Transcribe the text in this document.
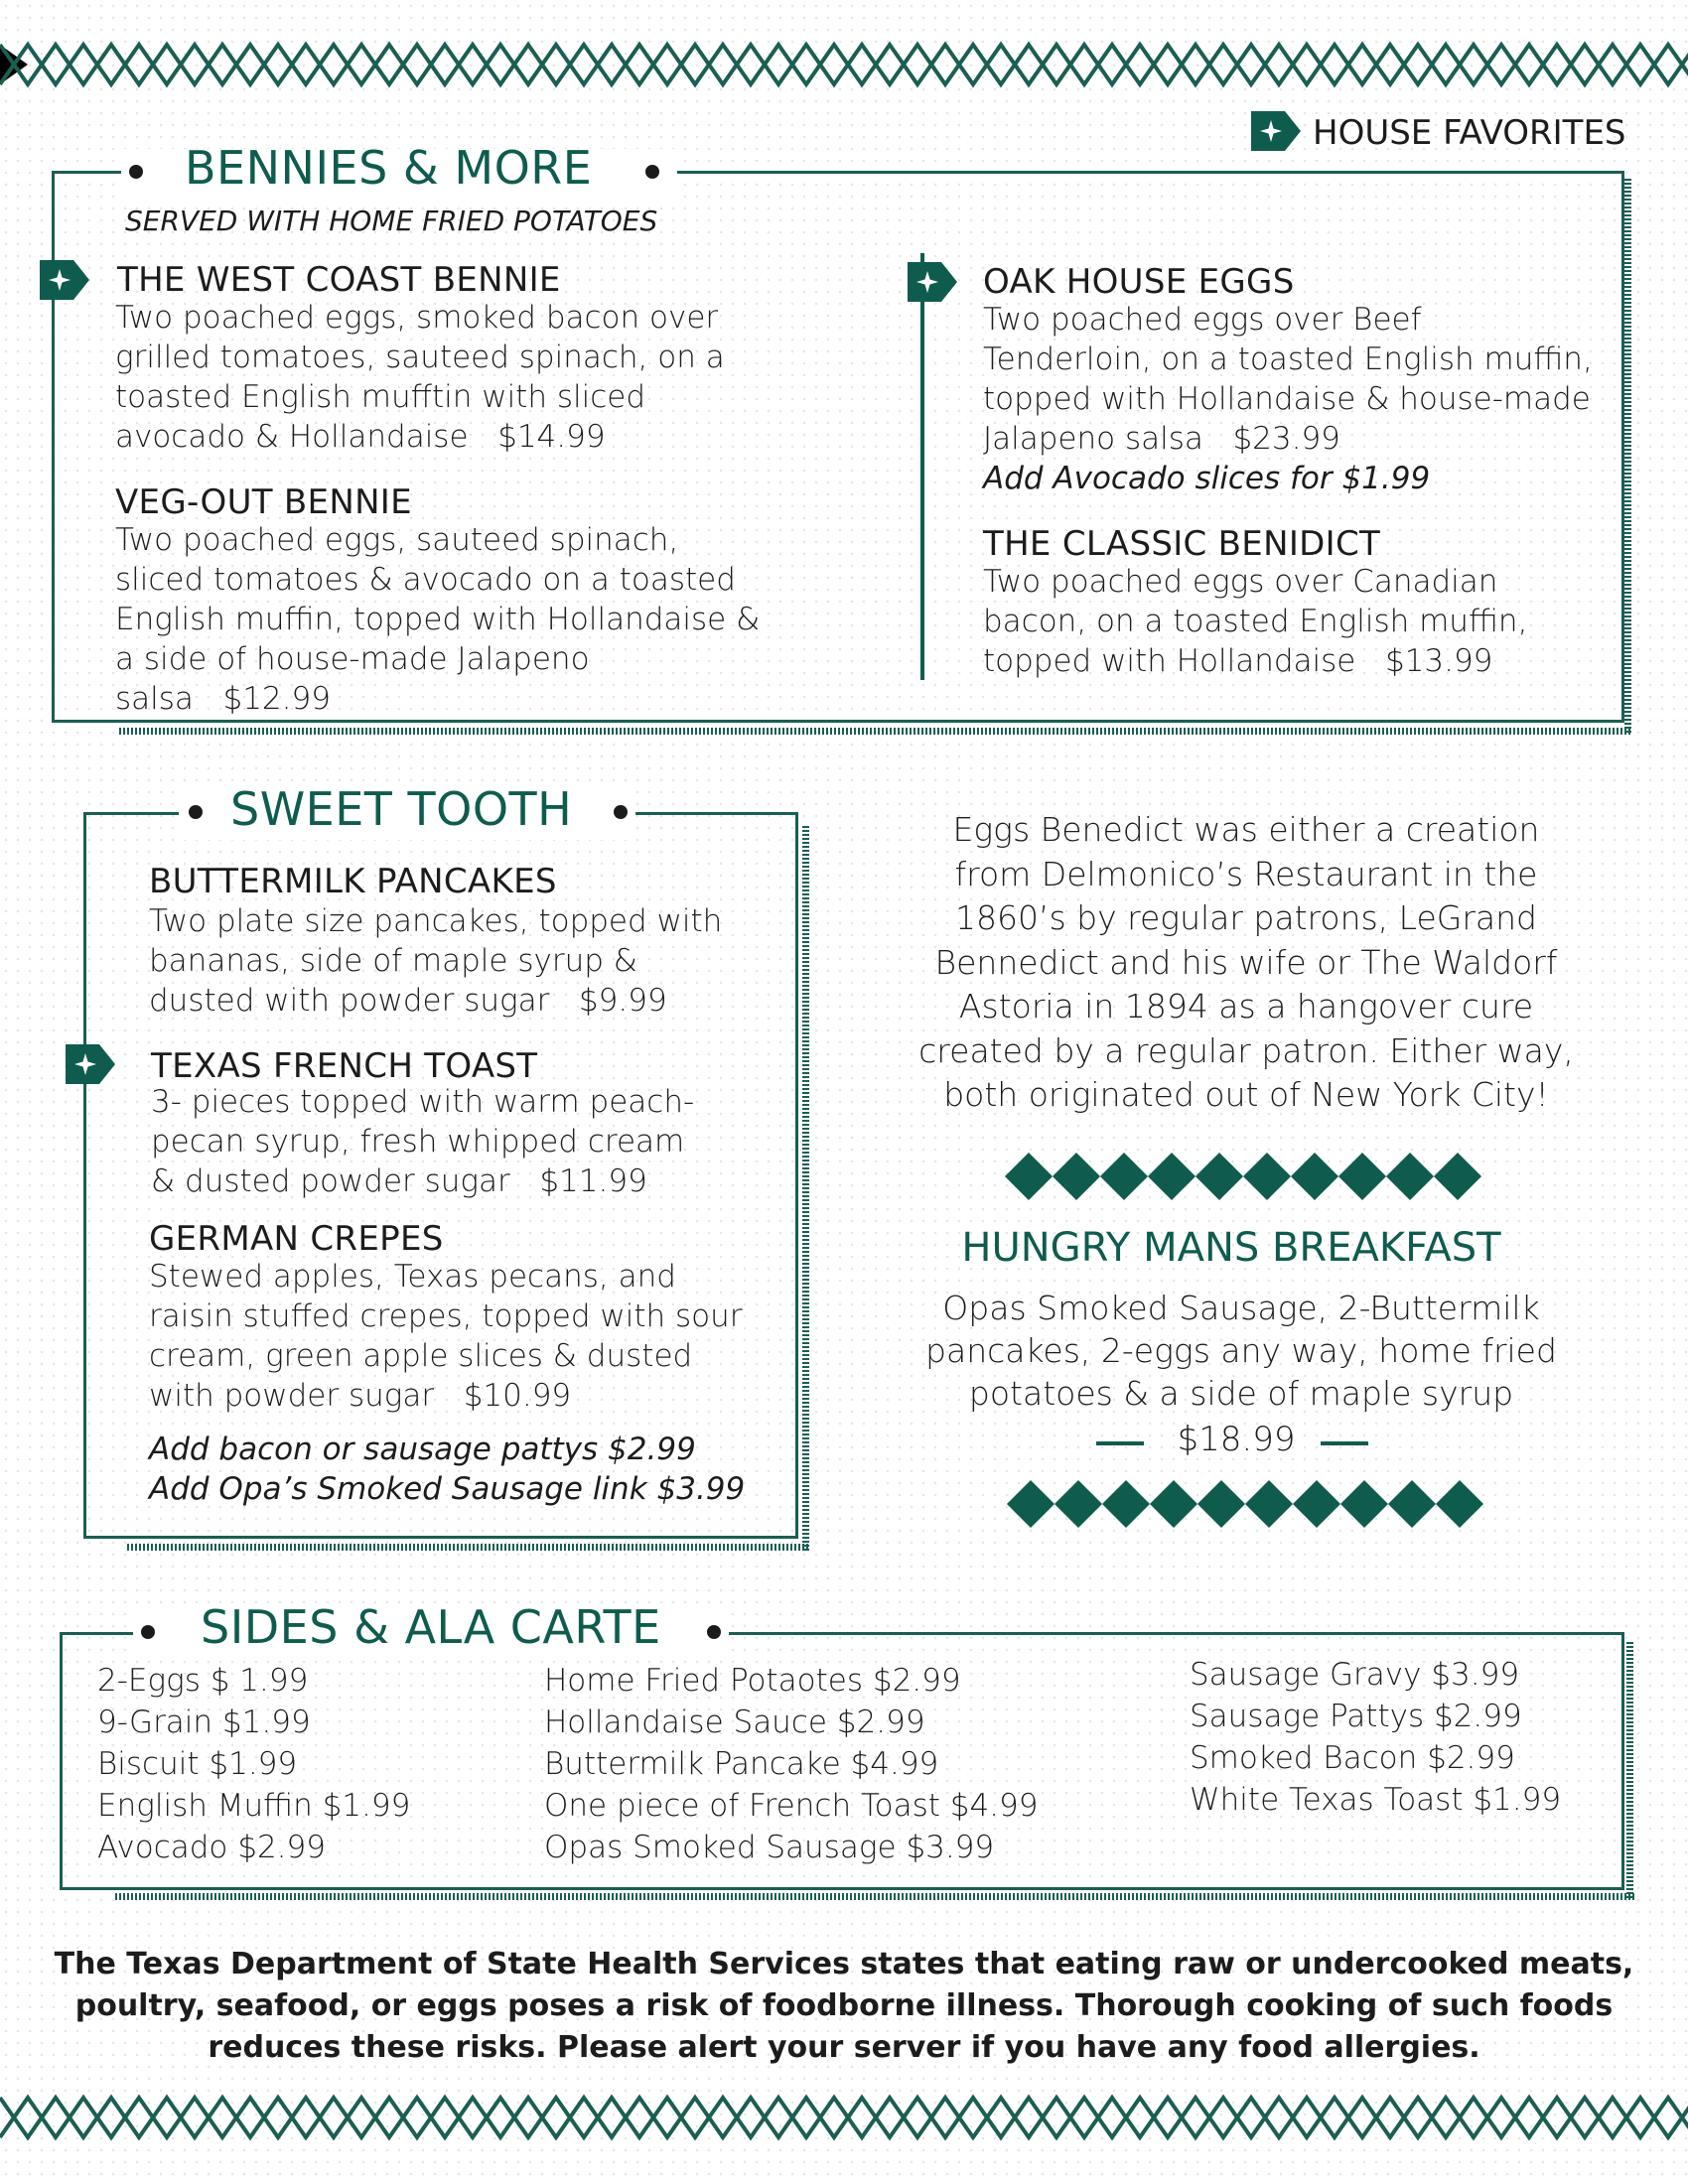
HOUSE FAVORITES
BENNIES & MORE
SERVED WITH HOME FRIED POTATOES
THE WEST COAST BENNIE
Two poached eggs, smoked bacon over grilled tomatoes, sauteed spinach, on a toasted English mufftin with sliced avocado & Hollandaise $14.99
VEG-OUT BENNIE
Two poached eggs, sauteed spinach, sliced tomatoes & avocado on a toasted English muffin, topped with Hollandaise & a side of house-made Jalapeno salsa $12.99
OAK HOUSE EGGS
Two poached eggs over Beef Tenderloin, on a toasted English muffin, topped with Hollandaise & house-made Jalapeno salsa $23.99
Add Avocado slices for $1.99
THE CLASSIC BENIDICT
Two poached eggs over Canadian bacon, on a toasted English muffin, topped with Hollandaise $13.99
SWEET TOOTH
BUTTERMILK PANCAKES
Two plate size pancakes, topped with bananas, side of maple syrup & dusted with powder sugar $9.99
TEXAS FRENCH TOAST
3- pieces topped with warm peach-pecan syrup, fresh whipped cream & dusted powder sugar $11.99
GERMAN CREPES
Stewed apples, Texas pecans, and raisin stuffed crepes, topped with sour cream, green apple slices & dusted with powder sugar $10.99
Add bacon or sausage pattys $2.99
Add Opa’s Smoked Sausage link $3.99
Eggs Benedict was either a creation from Delmonico’s Restaurant in the 1860’s by regular patrons, LeGrand Bennedict and his wife or The Waldorf Astoria in 1894 as a hangover cure created by a regular patron. Either way, both originated out of New York City!
HUNGRY MANS BREAKFAST
Opas Smoked Sausage, 2-Buttermilk pancakes, 2-eggs any way, home fried potatoes & a side of maple syrup
$18.99
SIDES & ALA CARTE
2-Eggs $ 1.99
9-Grain $1.99
Biscuit $1.99
English Muffin $1.99
Avocado $2.99
Home Fried Potaotes $2.99
Hollandaise Sauce $2.99
Buttermilk Pancake $4.99
One piece of French Toast $4.99
Opas Smoked Sausage $3.99
Sausage Gravy $3.99
Sausage Pattys $2.99
Smoked Bacon $2.99
White Texas Toast $1.99
The Texas Department of State Health Services states that eating raw or undercooked meats, poultry, seafood, or eggs poses a risk of foodborne illness. Thorough cooking of such foods reduces these risks. Please alert your server if you have any food allergies.
